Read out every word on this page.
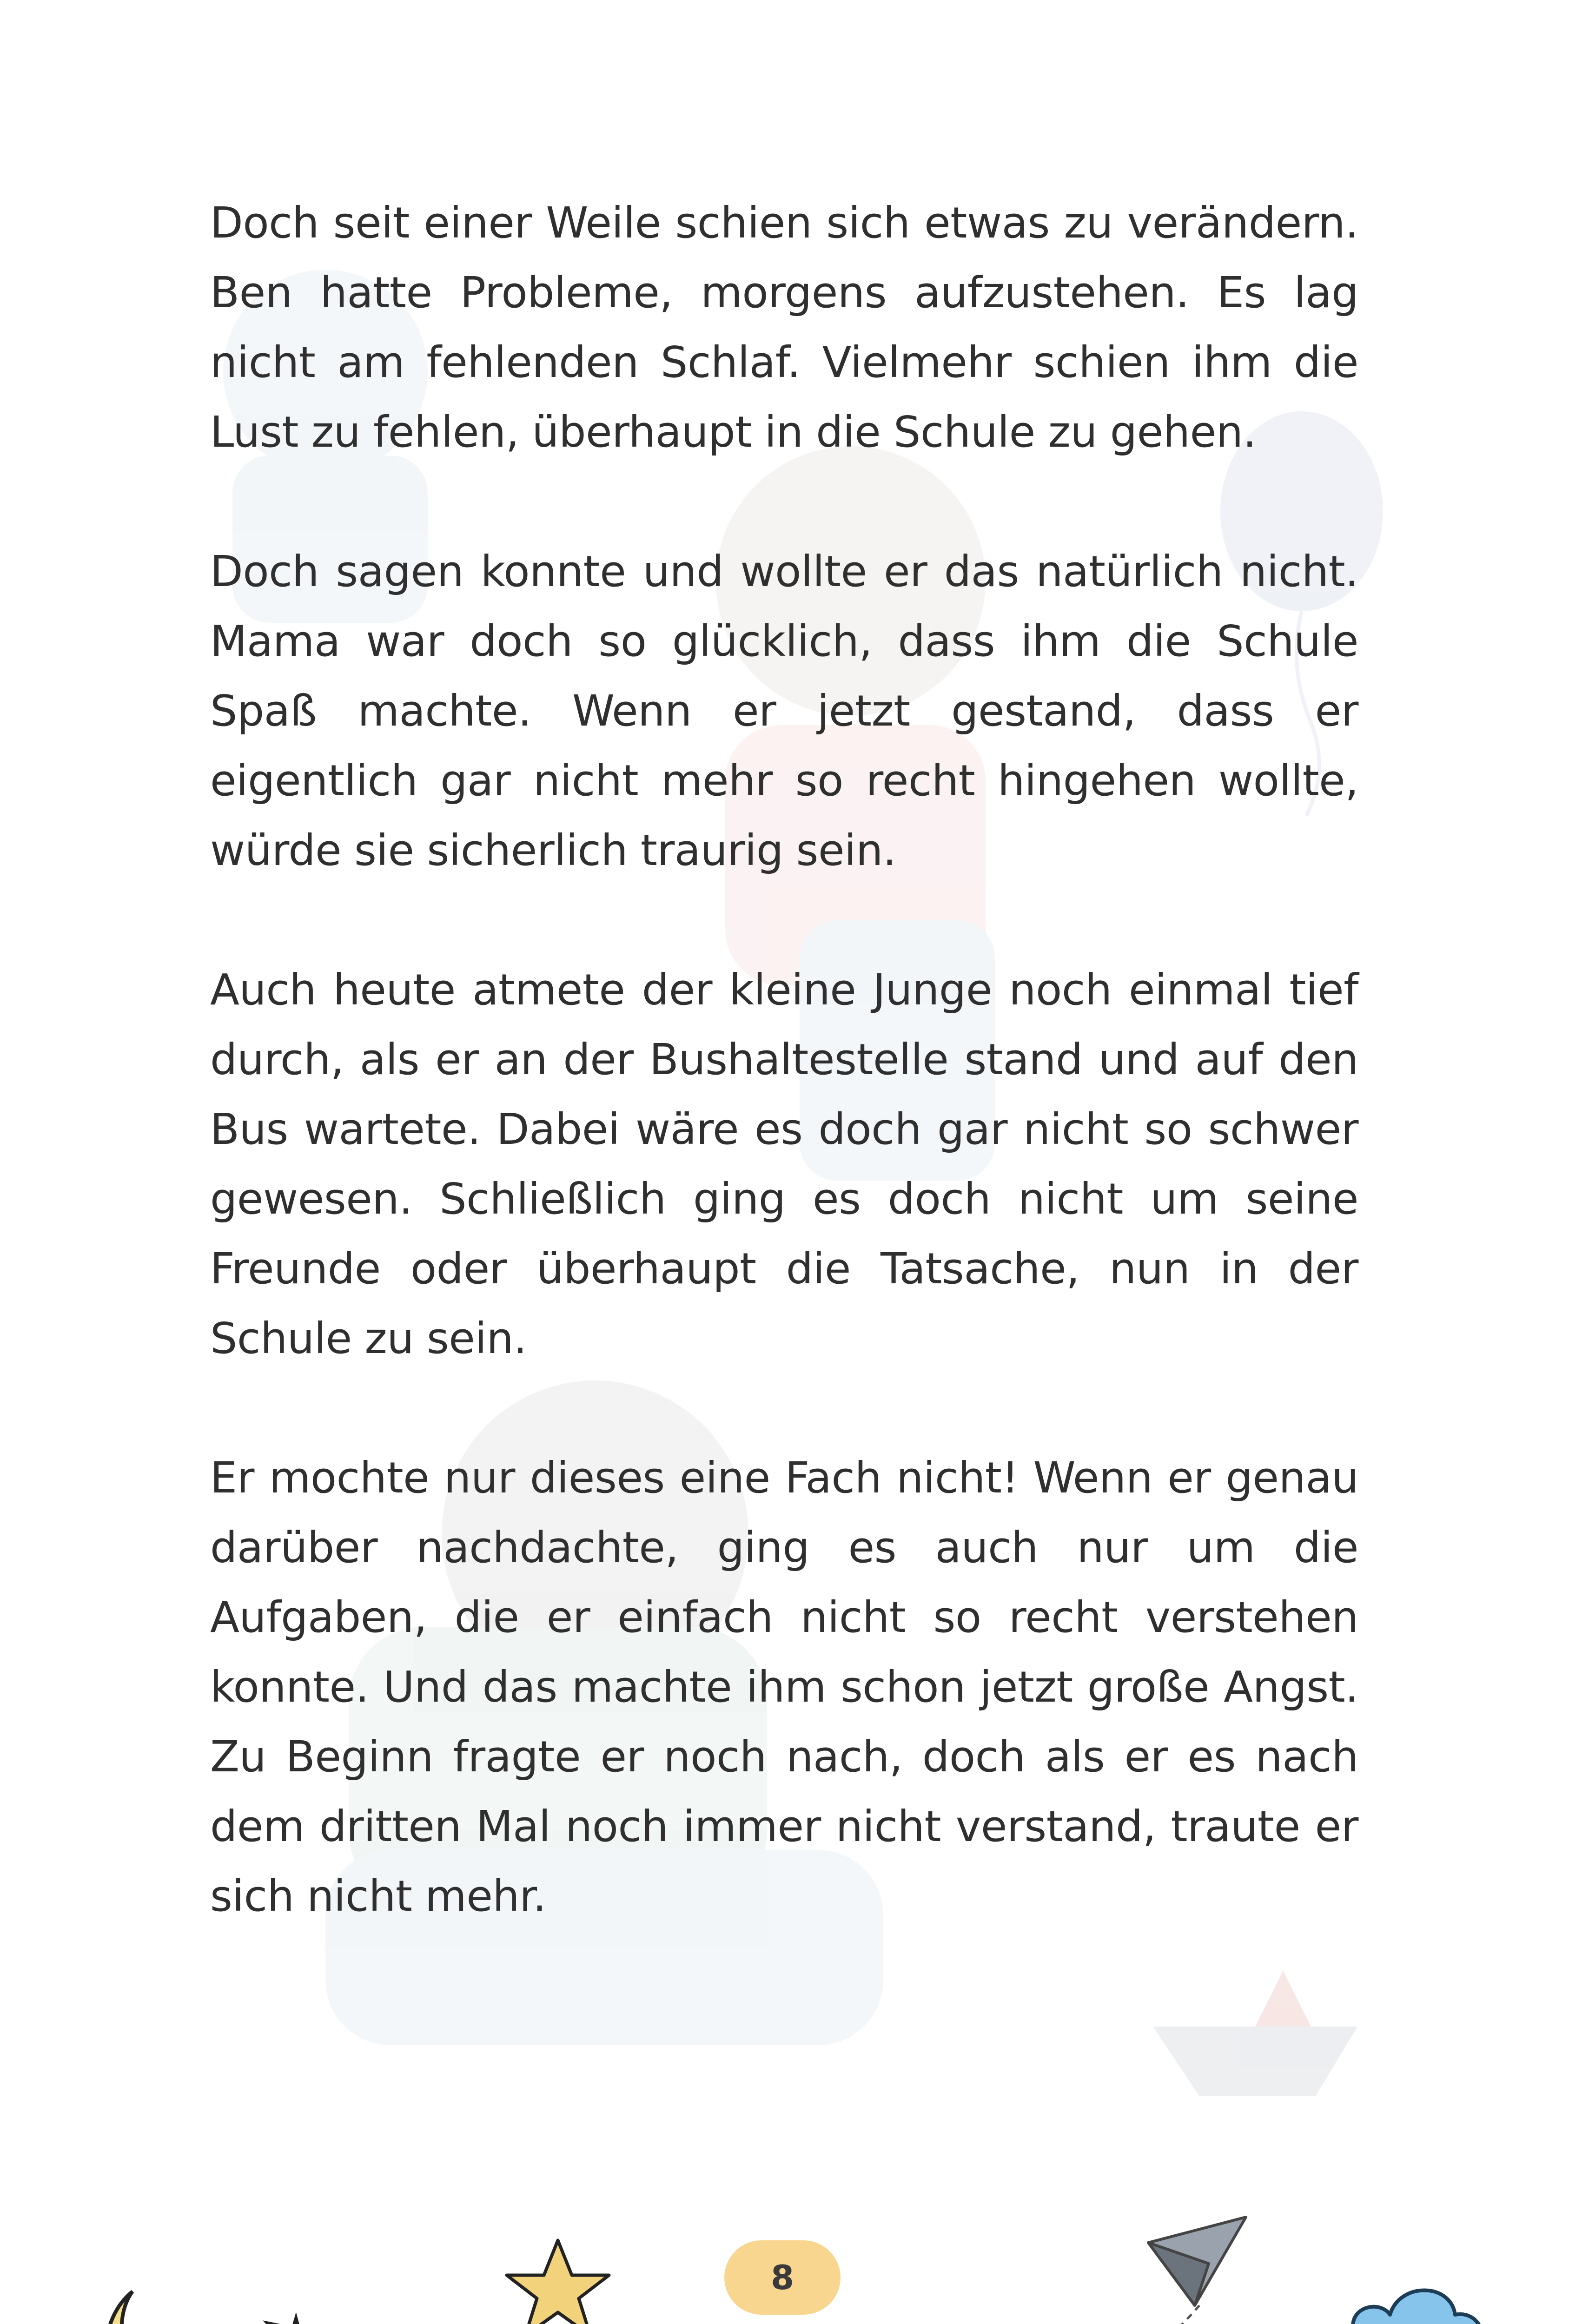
Doch seit einer Weile schien sich etwas zu verändern. Ben hatte Probleme, morgens aufzustehen. Es lag nicht am fehlenden Schlaf. Vielmehr schien ihm die Lust zu fehlen, überhaupt in die Schule zu gehen.

Doch sagen konnte und wollte er das natürlich nicht. Mama war doch so glücklich, dass ihm die Schule Spaß machte. Wenn er jetzt gestand, dass er eigentlich gar nicht mehr so recht hingehen wollte, würde sie sicherlich traurig sein.

Auch heute atmete der kleine Junge noch einmal tief durch, als er an der Bushaltestelle stand und auf den Bus wartete. Dabei wäre es doch gar nicht so schwer gewesen. Schließlich ging es doch nicht um seine Freunde oder überhaupt die Tatsache, nun in der Schule zu sein.

Er mochte nur dieses eine Fach nicht! Wenn er genau darüber nachdachte, ging es auch nur um die Aufgaben, die er einfach nicht so recht verstehen konnte. Und das machte ihm schon jetzt große Angst. Zu Beginn fragte er noch nach, doch als er es nach dem dritten Mal noch immer nicht verstand, traute er sich nicht mehr.

8
